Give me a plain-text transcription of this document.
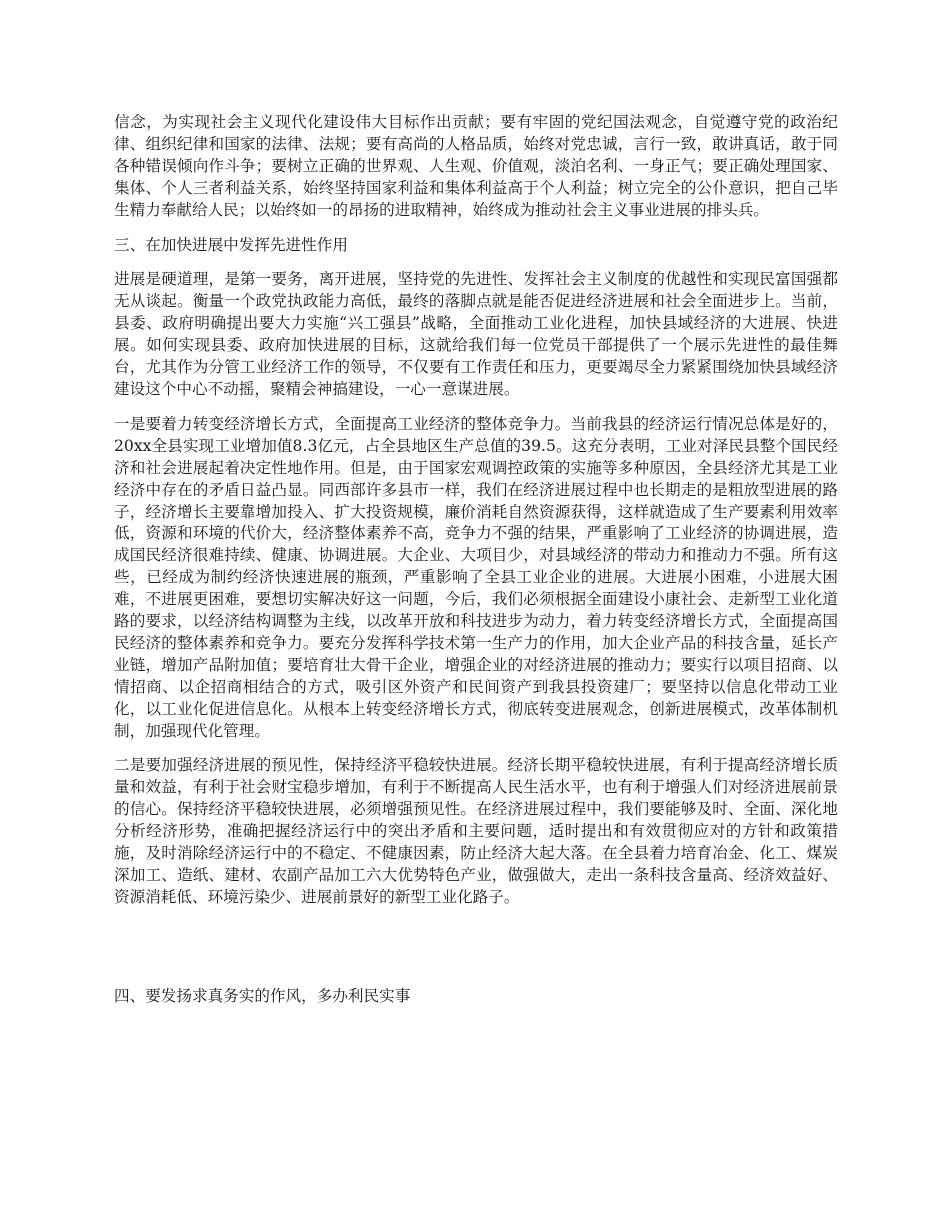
信念，为实现社会主义现代化建设伟大目标作出贡献；要有牢固的党纪国法观念，自觉遵守党的政治纪律、组织纪律和国家的法律、法规；要有高尚的人格品质，始终对党忠诚，言行一致，敢讲真话，敢于同各种错误倾向作斗争；要树立正确的世界观、人生观、价值观，淡泊名利、一身正气；要正确处理国家、集体、个人三者利益关系，始终坚持国家利益和集体利益高于个人利益；树立完全的公仆意识，把自己毕生精力奉献给人民；以始终如一的昂扬的进取精神，始终成为推动社会主义事业进展的排头兵。

三、在加快进展中发挥先进性作用

进展是硬道理，是第一要务，离开进展，坚持党的先进性、发挥社会主义制度的优越性和实现民富国强都无从谈起。衡量一个政党执政能力高低，最终的落脚点就是能否促进经济进展和社会全面进步上。当前，县委、政府明确提出要大力实施“兴工强县”战略，全面推动工业化进程，加快县域经济的大进展、快进展。如何实现县委、政府加快进展的目标，这就给我们每一位党员干部提供了一个展示先进性的最佳舞台，尤其作为分管工业经济工作的领导，不仅要有工作责任和压力，更要竭尽全力紧紧围绕加快县域经济建设这个中心不动摇，聚精会神搞建设，一心一意谋进展。

一是要着力转变经济增长方式，全面提高工业经济的整体竞争力。当前我县的经济运行情况总体是好的，20xx全县实现工业增加值8.3亿元，占全县地区生产总值的39.5。这充分表明，工业对泽民县整个国民经济和社会进展起着决定性地作用。但是，由于国家宏观调控政策的实施等多种原因，全县经济尤其是工业经济中存在的矛盾日益凸显。同西部许多县市一样，我们在经济进展过程中也长期走的是粗放型进展的路子，经济增长主要靠增加投入、扩大投资规模，廉价消耗自然资源获得，这样就造成了生产要素利用效率低，资源和环境的代价大，经济整体素养不高，竞争力不强的结果，严重影响了工业经济的协调进展，造成国民经济很难持续、健康、协调进展。大企业、大项目少，对县域经济的带动力和推动力不强。所有这些，已经成为制约经济快速进展的瓶颈，严重影响了全县工业企业的进展。大进展小困难，小进展大困难，不进展更困难，要想切实解决好这一问题，今后，我们必须根据全面建设小康社会、走新型工业化道路的要求，以经济结构调整为主线，以改革开放和科技进步为动力，着力转变经济增长方式，全面提高国民经济的整体素养和竞争力。要充分发挥科学技术第一生产力的作用，加大企业产品的科技含量，延长产业链，增加产品附加值；要培育壮大骨干企业，增强企业的对经济进展的推动力；要实行以项目招商、以情招商、以企招商相结合的方式，吸引区外资产和民间资产到我县投资建厂；要坚持以信息化带动工业化，以工业化促进信息化。从根本上转变经济增长方式，彻底转变进展观念，创新进展模式，改革体制机制，加强现代化管理。

二是要加强经济进展的预见性，保持经济平稳较快进展。经济长期平稳较快进展，有利于提高经济增长质量和效益，有利于社会财宝稳步增加，有利于不断提高人民生活水平，也有利于增强人们对经济进展前景的信心。保持经济平稳较快进展，必须增强预见性。在经济进展过程中，我们要能够及时、全面、深化地分析经济形势，准确把握经济运行中的突出矛盾和主要问题，适时提出和有效贯彻应对的方针和政策措施，及时消除经济运行中的不稳定、不健康因素，防止经济大起大落。在全县着力培育冶金、化工、煤炭深加工、造纸、建材、农副产品加工六大优势特色产业，做强做大，走出一条科技含量高、经济效益好、资源消耗低、环境污染少、进展前景好的新型工业化路子。

四、要发扬求真务实的作风，多办利民实事
